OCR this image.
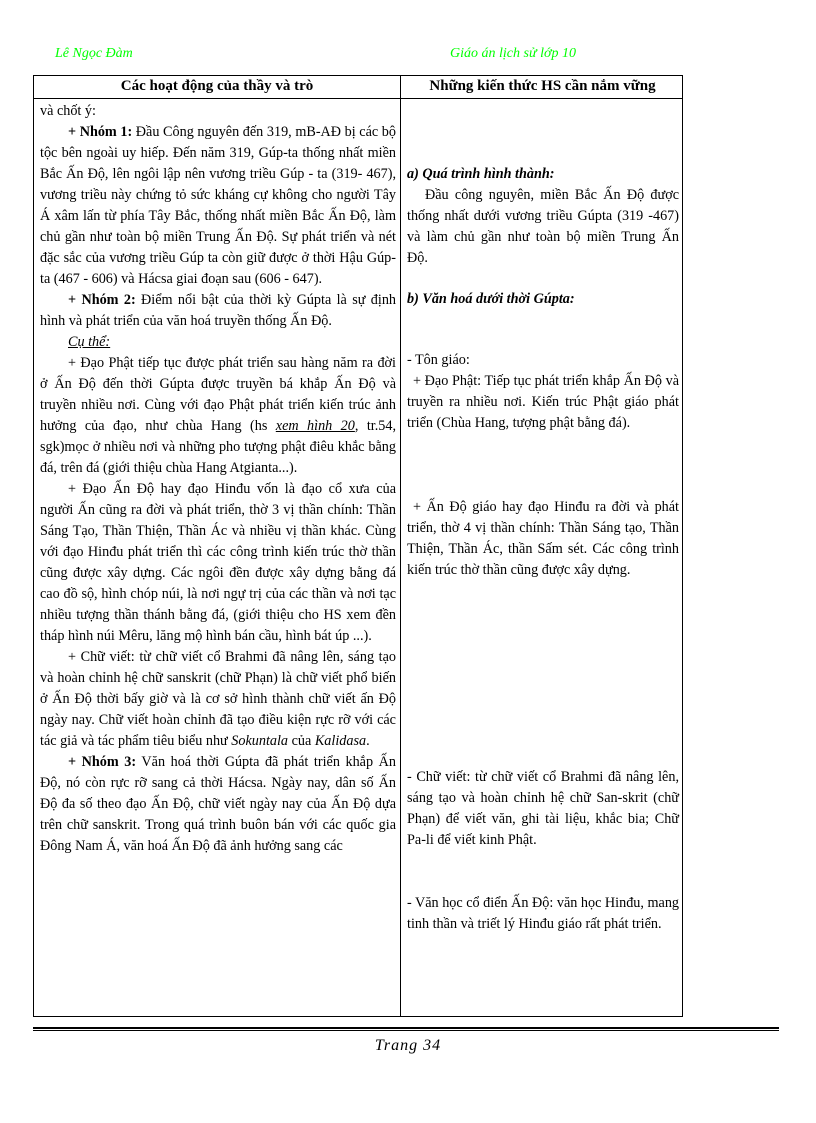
Lê Ngọc Đàm	Giáo án lịch sử lớp 10
Các hoạt động của thầy và trò	Những kiến thức HS cần nắm vững

và chốt ý:

+ Nhóm 1: Đầu Công nguyên đến 319, mB-AĐ bị các bộ tộc bên ngoài uy hiếp. Đến năm 319, Gúp-ta thống nhất miền Bắc Ấn Độ, lên ngôi lập nên vương triều Gúp - ta (319- 467), vương triều này chứng tỏ sức kháng cự không cho người Tây Á xâm lấn từ phía Tây Bắc, thống nhất miền Bắc Ấn Độ, làm chủ gần như toàn bộ miền Trung Ấn Độ. Sự phát triển và nét đặc sắc của vương triều Gúp ta còn giữ được ở thời Hậu Gúp-ta (467 - 606) và Hácsa giai đoạn sau (606 - 647).

+ Nhóm 2: Điểm nổi bật của thời kỳ Gúpta là sự định hình và phát triển của văn hoá truyền thống Ấn Độ.

Cụ thể:

+ Đạo Phật tiếp tục được phát triển sau hàng năm ra đời ở Ấn Độ đến thời Gúpta được truyền bá khắp Ấn Độ và truyền nhiều nơi. Cùng với đạo Phật phát triển kiến trúc ảnh hưởng của đạo, như chùa Hang (hs xem hình 20, tr.54, sgk)mọc ở nhiều nơi và những pho tượng phật điêu khắc bằng đá, trên đá (giới thiệu chùa Hang Atgianta...).

+ Đạo Ấn Độ hay đạo Hinđu vốn là đạo cổ xưa của người Ấn cũng ra đời và phát triển, thờ 3 vị thần chính: Thần Sáng Tạo, Thần Thiện, Thần Ác và nhiều vị thần khác. Cùng với đạo Hinđu phát triển thì các công trình kiến trúc thờ thần cũng được xây dựng. Các ngôi đền được xây dựng bằng đá cao đồ sộ, hình chóp núi, là nơi ngự trị của các thần và nơi tạc nhiều tượng thần thánh bằng đá, (giới thiệu cho HS xem đền tháp hình núi Mêru, lăng mộ hình bán cầu, hình bát úp ...).

+ Chữ viết: từ chữ viết cổ Brahmi đã nâng lên, sáng tạo và hoàn chỉnh hệ chữ sanskrit (chữ Phạn) là chữ viết phổ biến ở Ấn Độ thời bấy giờ và là cơ sở hình thành chữ viết ấn Độ ngày nay. Chữ viết hoàn chỉnh đã tạo điều kiện rực rỡ với các tác giả và tác phẩm tiêu biểu như Sokuntala của Kalidasa.

+ Nhóm 3: Văn hoá thời Gúpta đã phát triển khắp Ấn Độ, nó còn rực rỡ sang cả thời Hácsa. Ngày nay, dân số Ấn Độ đa số theo đạo Ấn Độ, chữ viết ngày nay của Ấn Độ dựa trên chữ sanskrit. Trong quá trình buôn bán với các quốc gia Đông Nam Á, văn hoá Ấn Độ đã ảnh hưởng sang các

a) Quá trình hình thành:

Đầu công nguyên, miền Bắc Ấn Độ được thống nhất dưới vương triều Gúpta (319 -467) và làm chủ gần như toàn bộ miền Trung Ấn Độ.

b) Văn hoá dưới thời Gúpta:

- Tôn giáo:

+ Đạo Phật: Tiếp tục phát triển khắp Ấn Độ và truyền ra nhiều nơi. Kiến trúc Phật giáo phát triển (Chùa Hang, tượng phật bằng đá).

+ Ấn Độ giáo hay đạo Hinđu ra đời và phát triển, thờ 4 vị thần chính: Thần Sáng tạo, Thần Thiện, Thần Ác, thần Sấm sét. Các công trình kiến trúc thờ thần cũng được xây dựng.

- Chữ viết: từ chữ viết cổ Brahmi đã nâng lên, sáng tạo và hoàn chỉnh hệ chữ San-skrit (chữ Phạn) để viết văn, ghi tài liệu, khắc bia; Chữ Pa-li để viết kinh Phật.

- Văn học cổ điển Ấn Độ: văn học Hinđu, mang tinh thần và triết lý Hinđu giáo rất phát triển.

Trang 34
